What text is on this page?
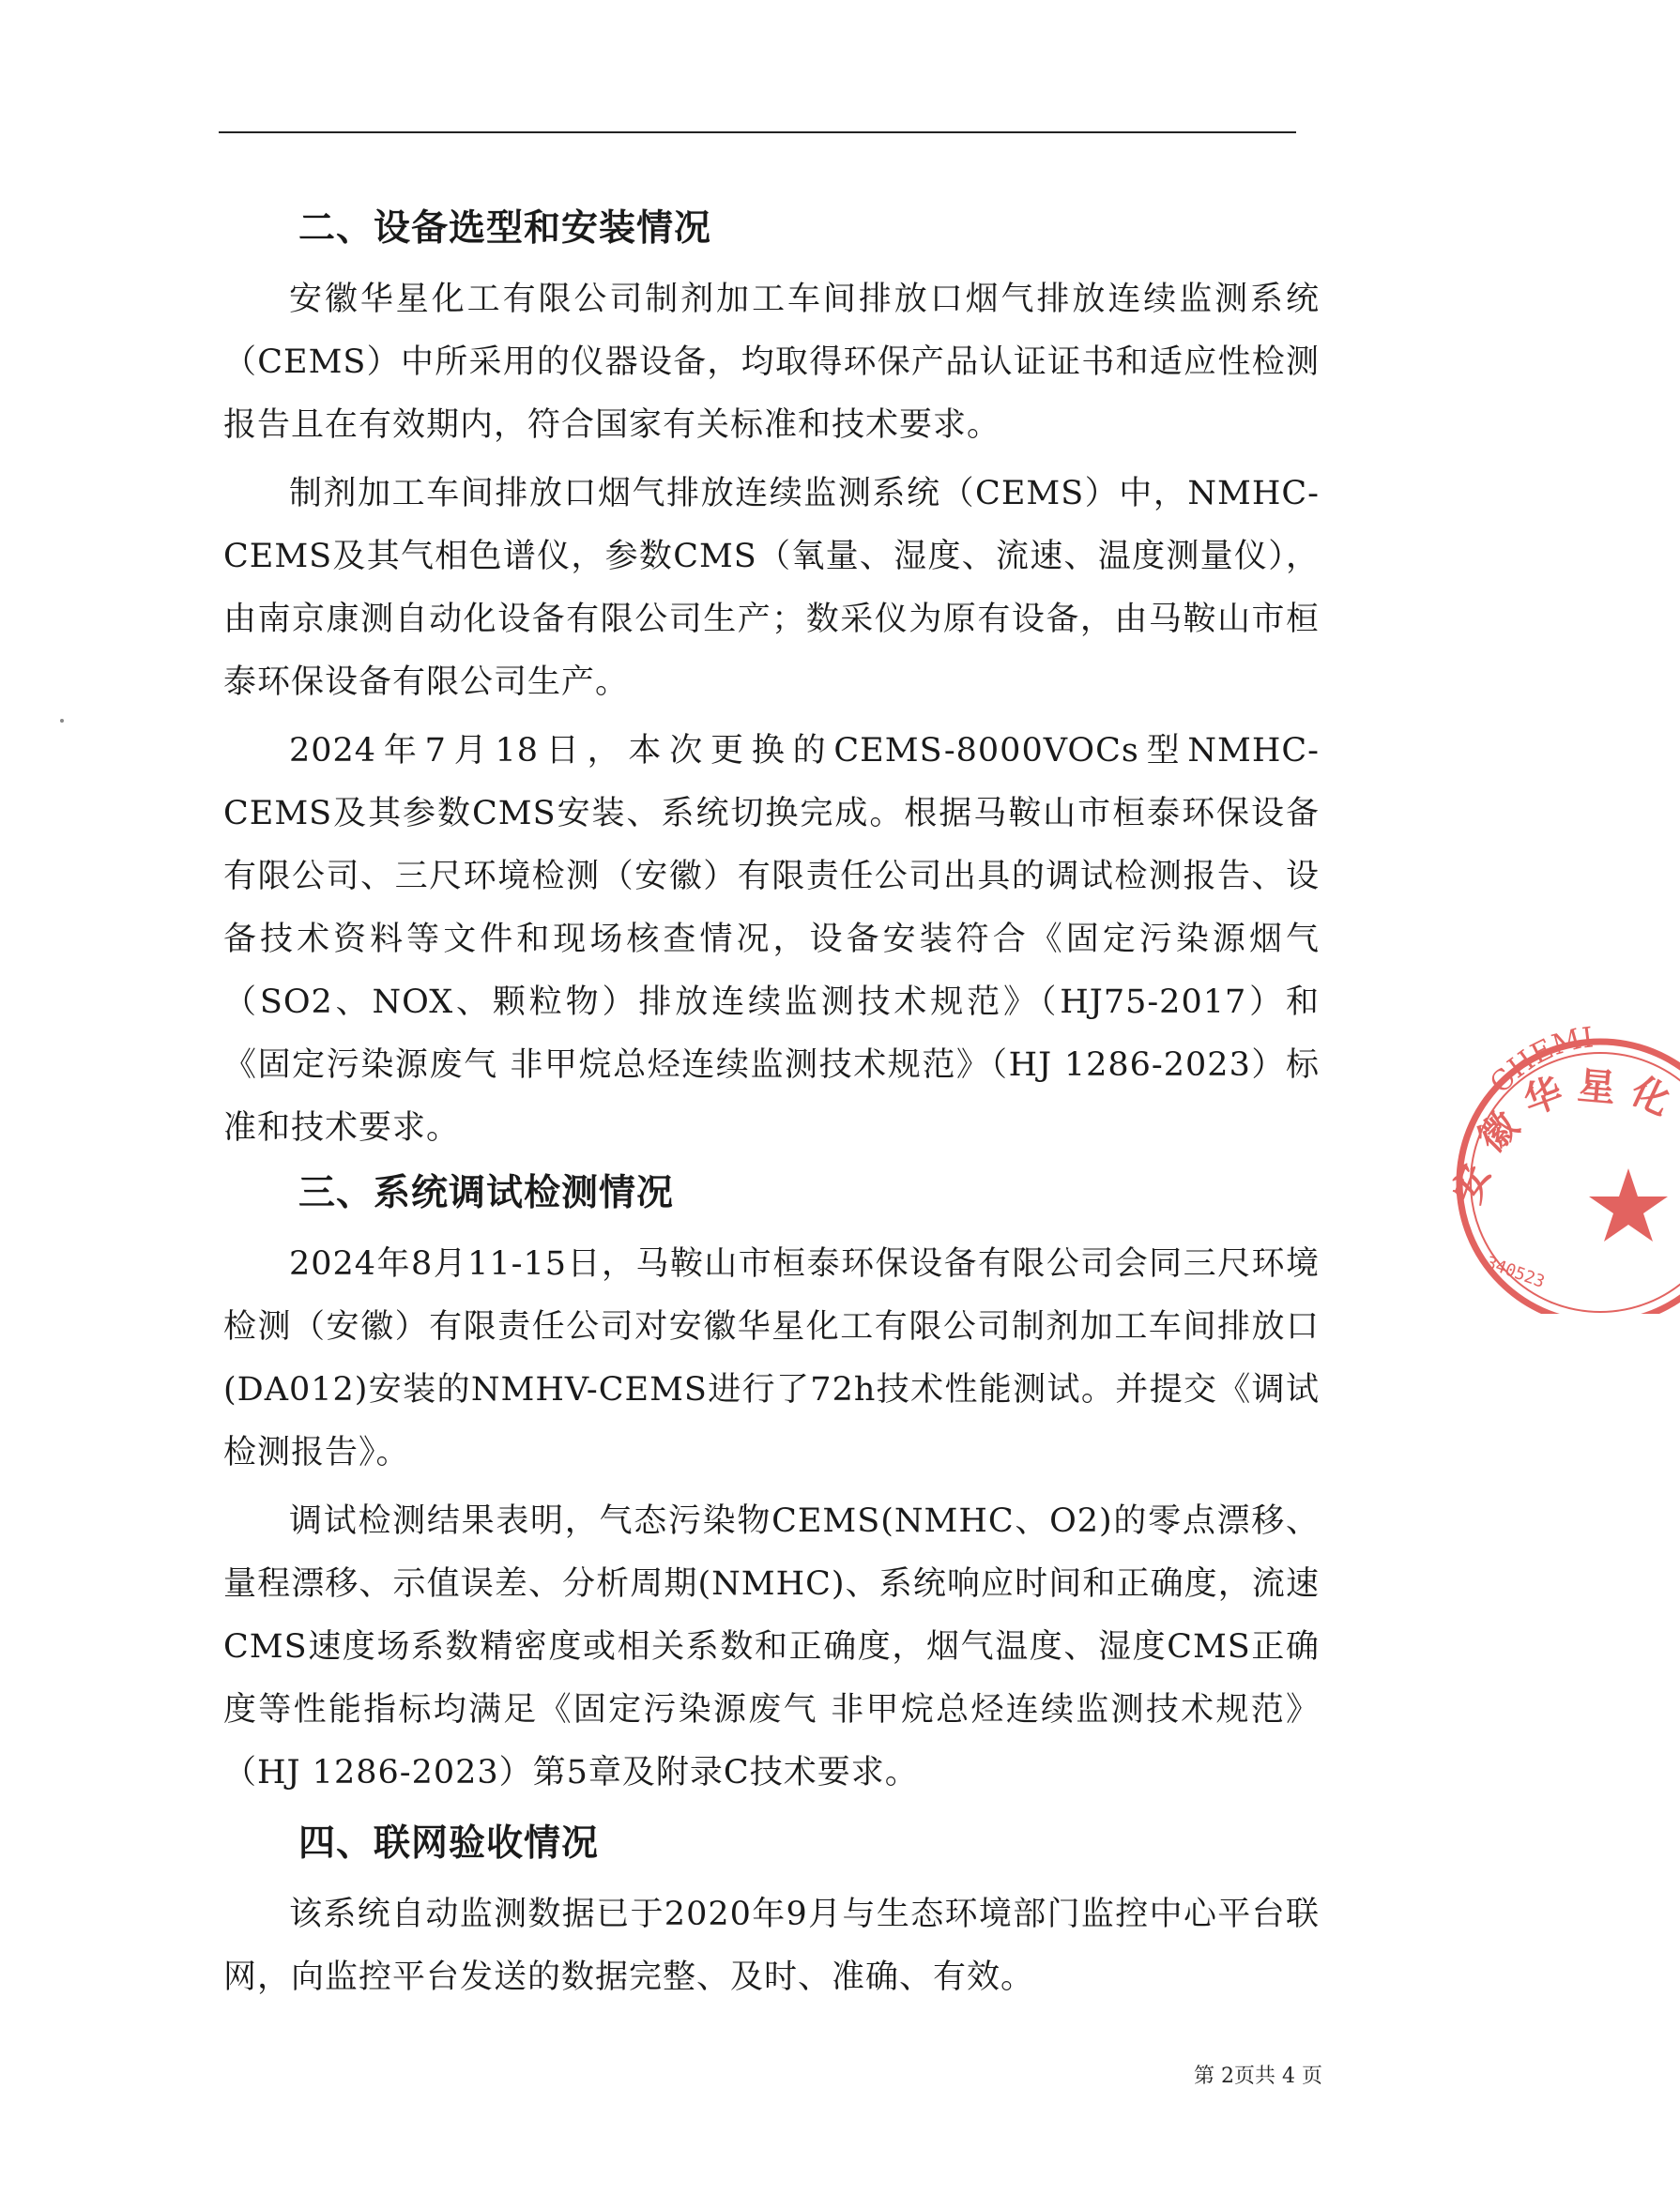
二、设备选型和安装情况

安徽华星化工有限公司制剂加工车间排放口烟气排放连续监测系统（CEMS）中所采用的仪器设备，均取得环保产品认证证书和适应性检测报告且在有效期内，符合国家有关标准和技术要求。

制剂加工车间排放口烟气排放连续监测系统（CEMS）中，NMHC-CEMS及其气相色谱仪，参数CMS（氧量、湿度、流速、温度测量仪），由南京康测自动化设备有限公司生产；数采仪为原有设备，由马鞍山市桓泰环保设备有限公司生产。

2024年7月18日，本次更换的CEMS-8000VOCs型NMHC-CEMS及其参数CMS安装、系统切换完成。根据马鞍山市桓泰环保设备有限公司、三尺环境检测（安徽）有限责任公司出具的调试检测报告、设备技术资料等文件和现场核查情况，设备安装符合《固定污染源烟气（SO2、NOX、颗粒物）排放连续监测技术规范》（HJ75-2017）和《固定污染源废气 非甲烷总烃连续监测技术规范》（HJ 1286-2023）标准和技术要求。

三、系统调试检测情况

2024年8月11-15日，马鞍山市桓泰环保设备有限公司会同三尺环境检测（安徽）有限责任公司对安徽华星化工有限公司制剂加工车间排放口(DA012)安装的NMHV-CEMS进行了72h技术性能测试。并提交《调试检测报告》。

调试检测结果表明，气态污染物CEMS(NMHC、O2)的零点漂移、量程漂移、示值误差、分析周期(NMHC)、系统响应时间和正确度，流速CMS速度场系数精密度或相关系数和正确度，烟气温度、湿度CMS正确度等性能指标均满足《固定污染源废气 非甲烷总烃连续监测技术规范》（HJ 1286-2023）第5章及附录C技术要求。

四、联网验收情况

该系统自动监测数据已于2020年9月与生态环境部门监控中心平台联网，向监控平台发送的数据完整、及时、准确、有效。

第 2页共 4 页
CHEMI
安
徽
华 星 化
340523
